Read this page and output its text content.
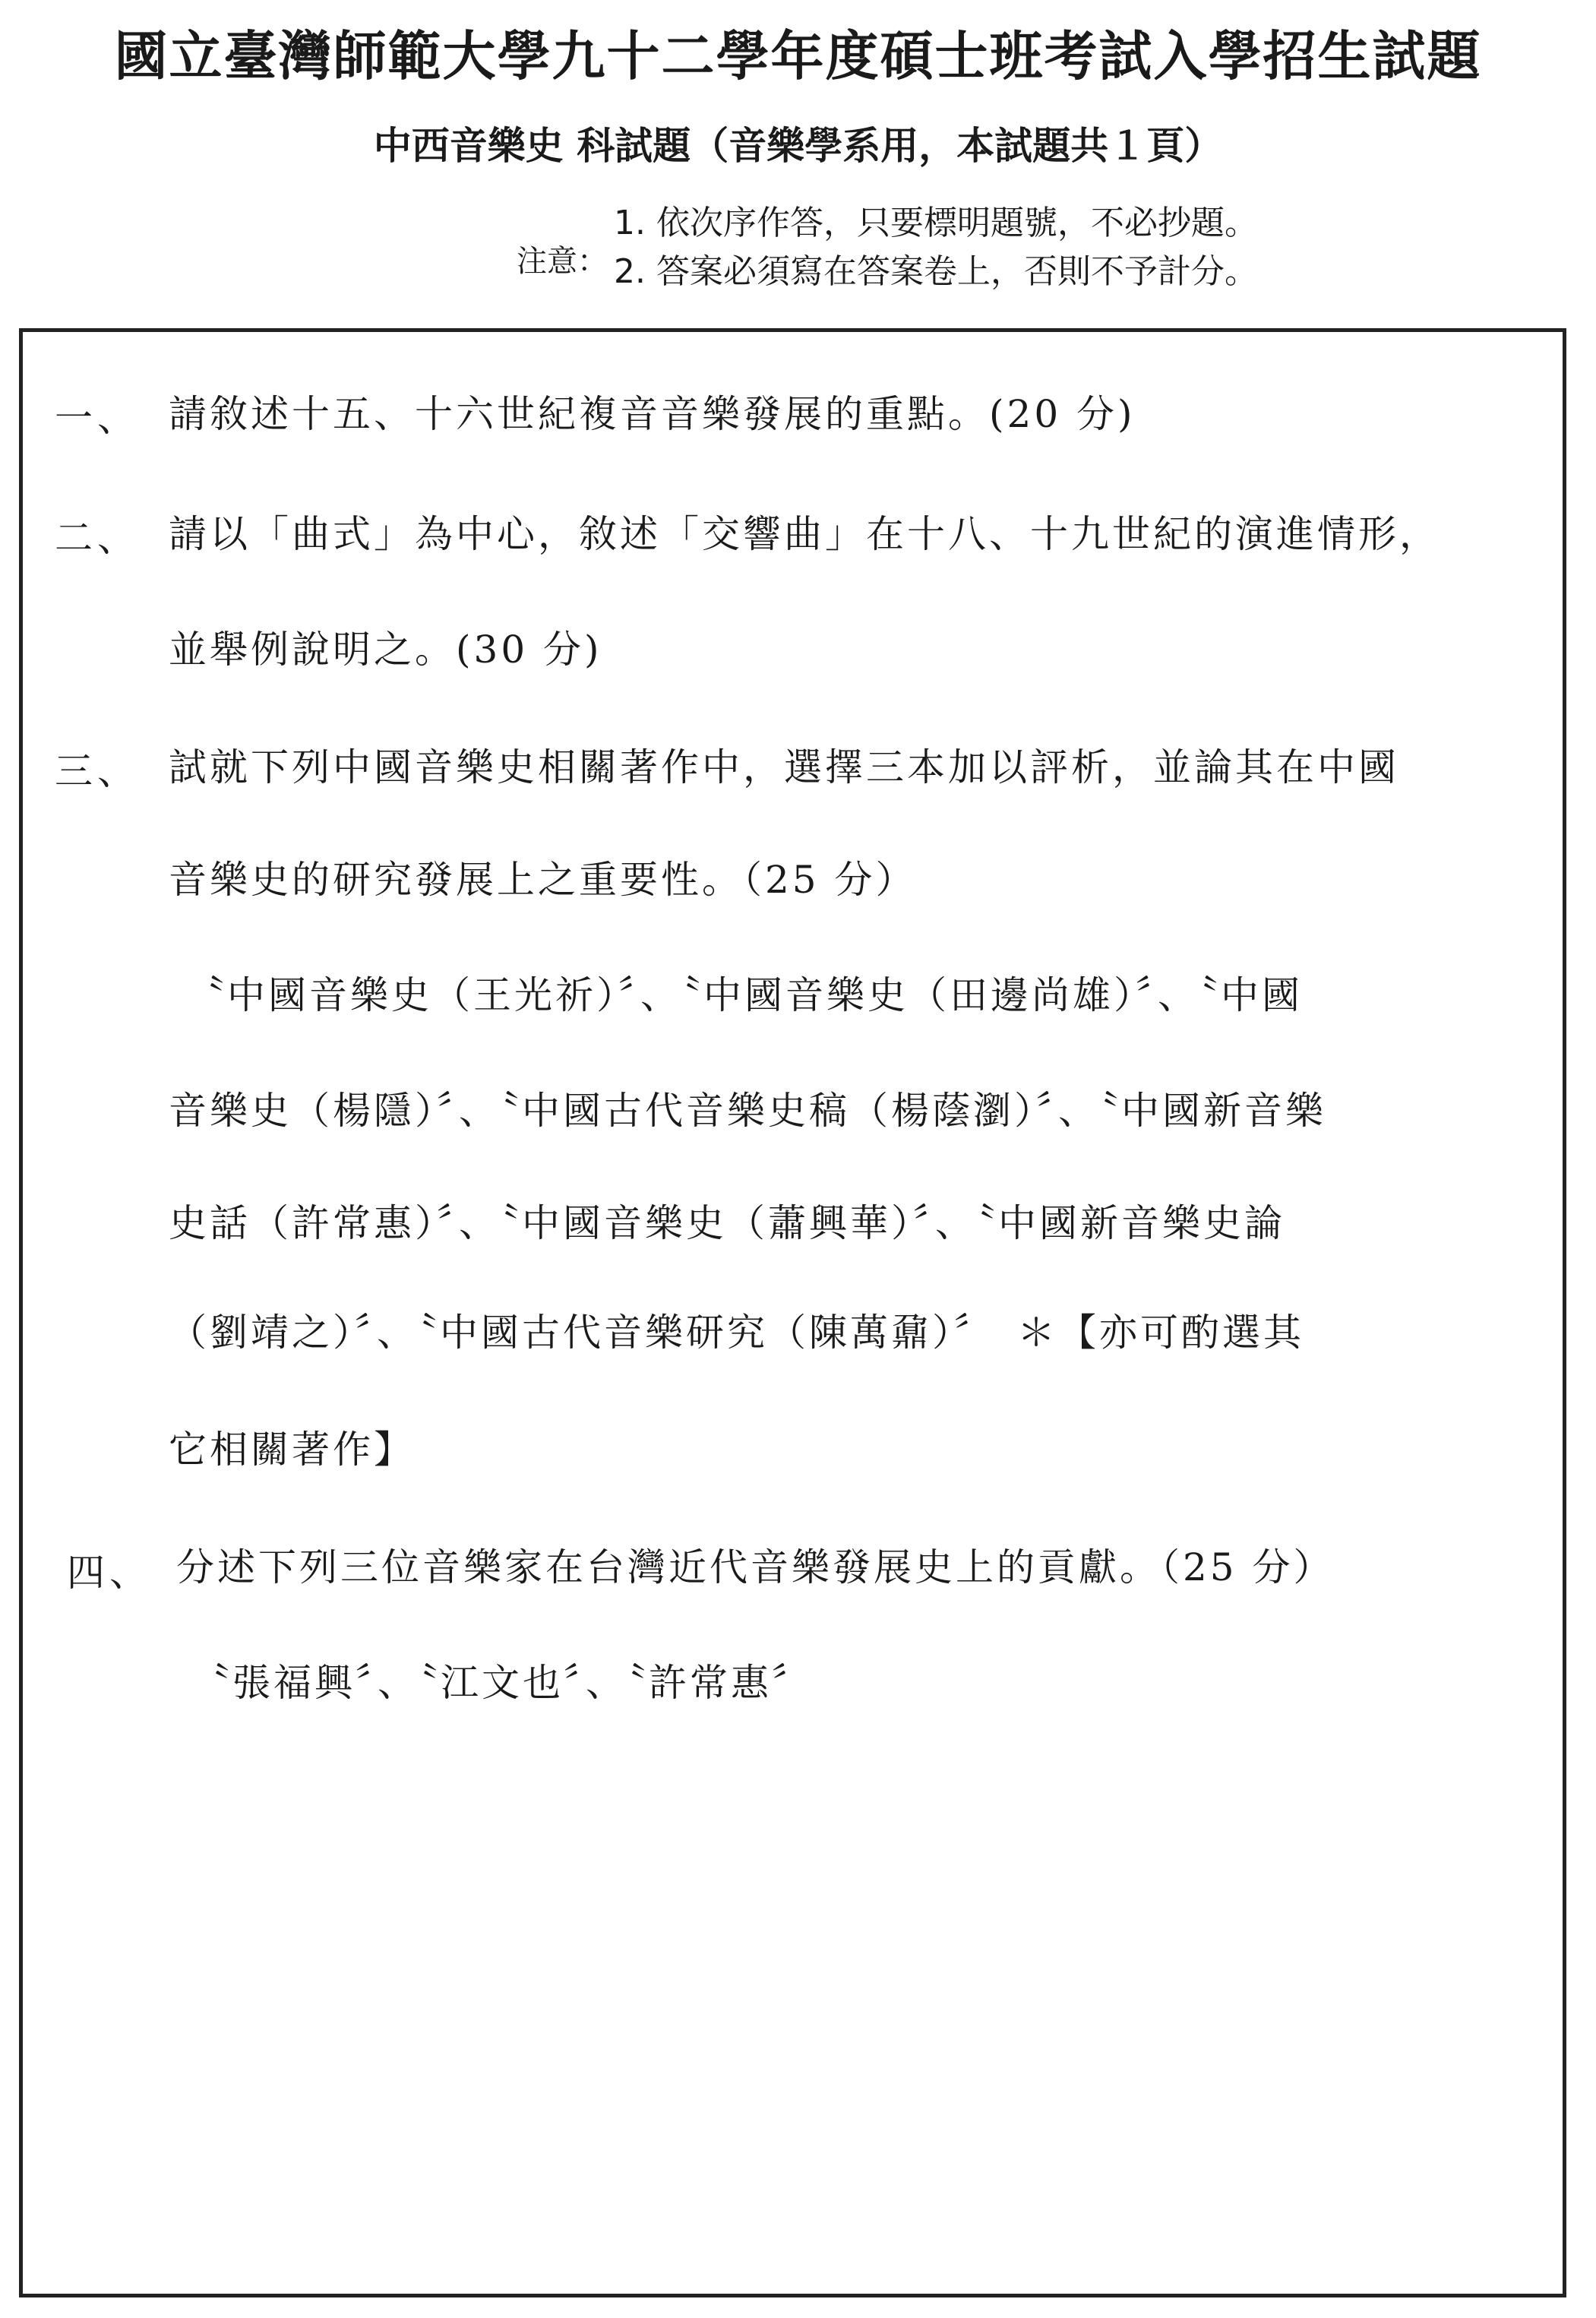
國立臺灣師範大學九十二學年度碩士班考試入學招生試題
中西音樂史 科試題（音樂學系用，本試題共１頁）
注意：
1. 依次序作答，只要標明題號，不必抄題。
2. 答案必須寫在答案卷上，否則不予計分。
一、 請敘述十五、十六世紀複音音樂發展的重點。(20 分)
二、 請以「曲式」為中心，敘述「交響曲」在十八、十九世紀的演進情形，
並舉例說明之。(30 分)
三、 試就下列中國音樂史相關著作中，選擇三本加以評析，並論其在中國
音樂史的研究發展上之重要性。（25 分）
〝中國音樂史（王光祈）〞、〝中國音樂史（田邊尚雄）〞、〝中國
音樂史（楊隱）〞、〝中國古代音樂史稿（楊蔭瀏）〞、〝中國新音樂
史話（許常惠）〞、〝中國音樂史（蕭興華）〞、〝中國新音樂史論
（劉靖之）〞、〝中國古代音樂研究（陳萬鼐）〞　＊【亦可酌選其
它相關著作】
四、 分述下列三位音樂家在台灣近代音樂發展史上的貢獻。（25 分）
〝張福興〞、〝江文也〞、〝許常惠〞
